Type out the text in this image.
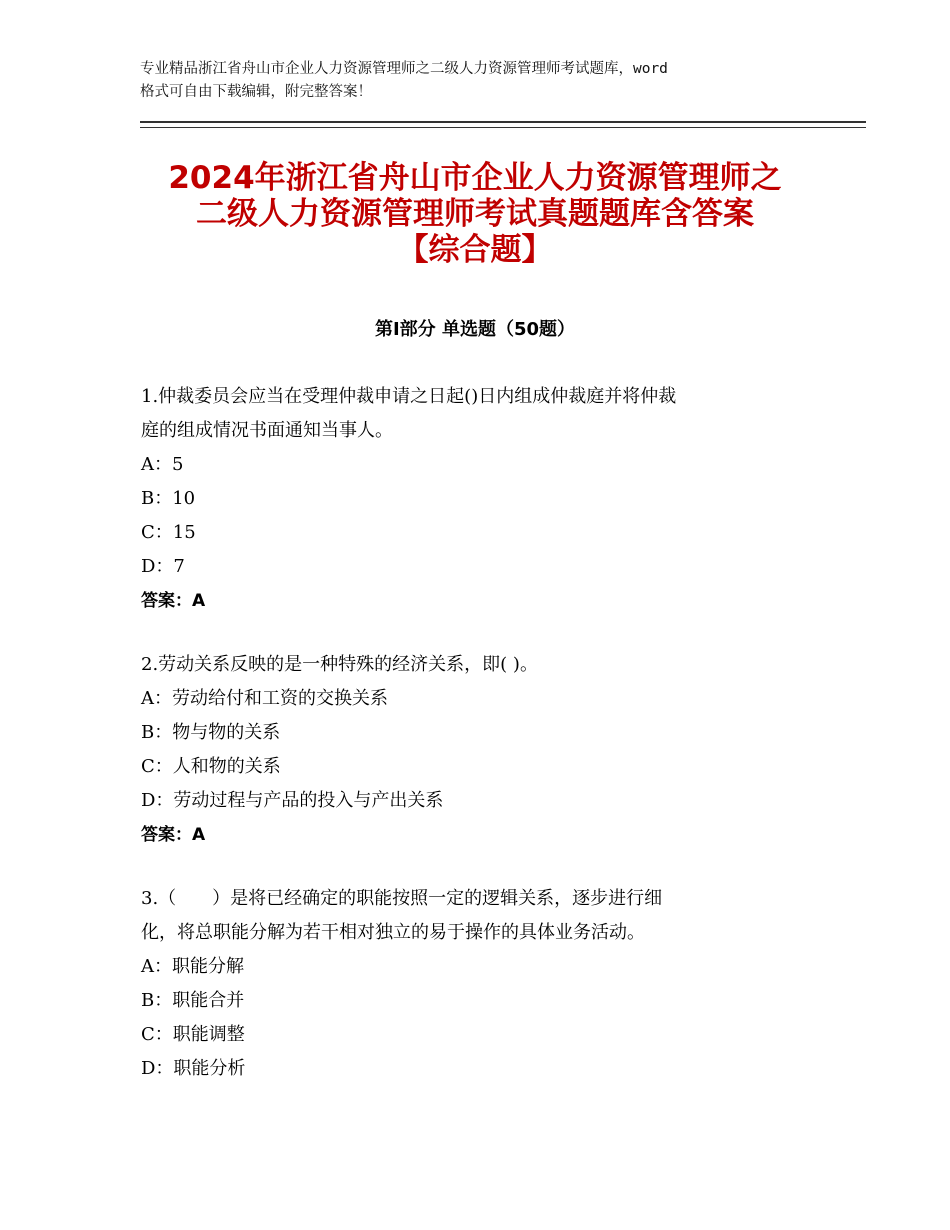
专业精品浙江省舟山市企业人力资源管理师之二级人力资源管理师考试题库，word
格式可自由下载编辑，附完整答案！
2024年浙江省舟山市企业人力资源管理师之
二级人力资源管理师考试真题题库含答案
【综合题】
第Ⅰ部分 单选题（50题）
1.仲裁委员会应当在受理仲裁申请之日起()日内组成仲裁庭并将仲裁
庭的组成情况书面通知当事人。
A：5
B：10
C：15
D：7
答案：A
2.劳动关系反映的是一种特殊的经济关系，即( )。
A：劳动给付和工资的交换关系
B：物与物的关系
C：人和物的关系
D：劳动过程与产品的投入与产出关系
答案：A
3.（　　）是将已经确定的职能按照一定的逻辑关系，逐步进行细
化，将总职能分解为若干相对独立的易于操作的具体业务活动。
A：职能分解
B：职能合并
C：职能调整
D：职能分析
